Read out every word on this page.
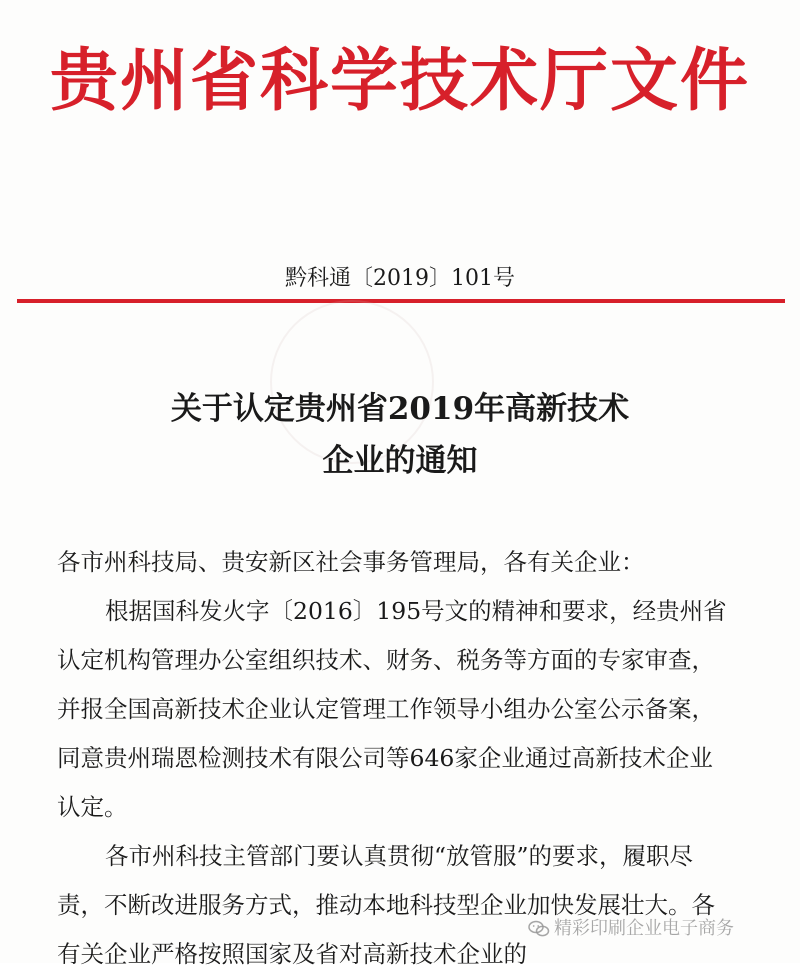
贵州省科学技术厅文件
黔科通〔2019〕101号
关于认定贵州省2019年高新技术
企业的通知
各市州科技局、贵安新区社会事务管理局，各有关企业：
根据国科发火字〔2016〕195号文的精神和要求，经贵州省
认定机构管理办公室组织技术、财务、税务等方面的专家审查，
并报全国高新技术企业认定管理工作领导小组办公室公示备案，
同意贵州瑞恩检测技术有限公司等646家企业通过高新技术企业
认定。
各市州科技主管部门要认真贯彻“放管服”的要求，履职尽
责，不断改进服务方式，推动本地科技型企业加快发展壮大。各
有关企业严格按照国家及省对高新技术企业的
精彩印刷企业电子商务
